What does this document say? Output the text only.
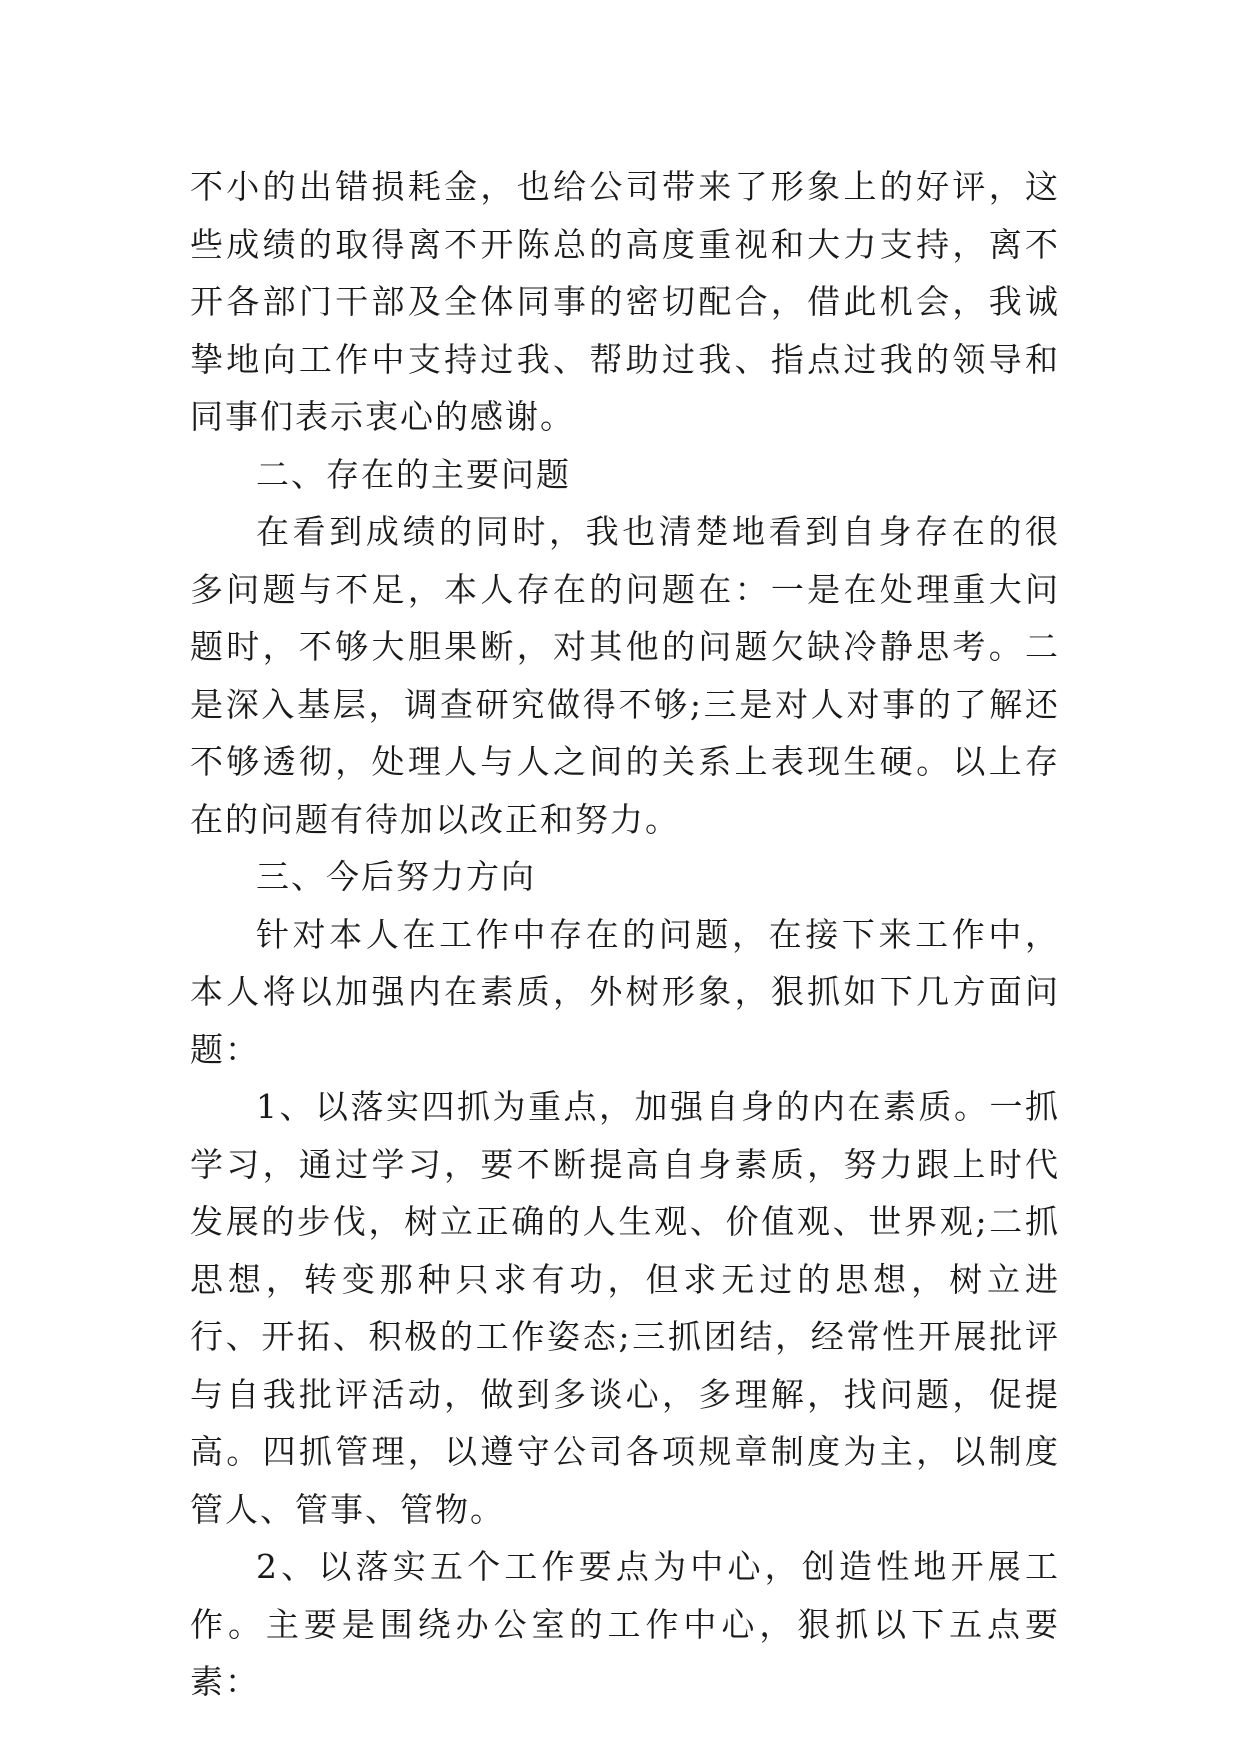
不小的出错损耗金，也给公司带来了形象上的好评，这些成绩的取得离不开陈总的高度重视和大力支持，离不开各部门干部及全体同事的密切配合，借此机会，我诚挚地向工作中支持过我、帮助过我、指点过我的领导和同事们表示衷心的感谢。

二、存在的主要问题

在看到成绩的同时，我也清楚地看到自身存在的很多问题与不足，本人存在的问题在：一是在处理重大问题时，不够大胆果断，对其他的问题欠缺冷静思考。二是深入基层，调查研究做得不够;三是对人对事的了解还不够透彻，处理人与人之间的关系上表现生硬。以上存在的问题有待加以改正和努力。

三、今后努力方向

针对本人在工作中存在的问题，在接下来工作中，本人将以加强内在素质，外树形象，狠抓如下几方面问题：

1、以落实四抓为重点，加强自身的内在素质。一抓学习，通过学习，要不断提高自身素质，努力跟上时代发展的步伐，树立正确的人生观、价值观、世界观;二抓思想，转变那种只求有功，但求无过的思想，树立进行、开拓、积极的工作姿态;三抓团结，经常性开展批评与自我批评活动，做到多谈心，多理解，找问题，促提高。四抓管理，以遵守公司各项规章制度为主，以制度管人、管事、管物。

2、以落实五个工作要点为中心，创造性地开展工作。主要是围绕办公室的工作中心，狠抓以下五点要素：
